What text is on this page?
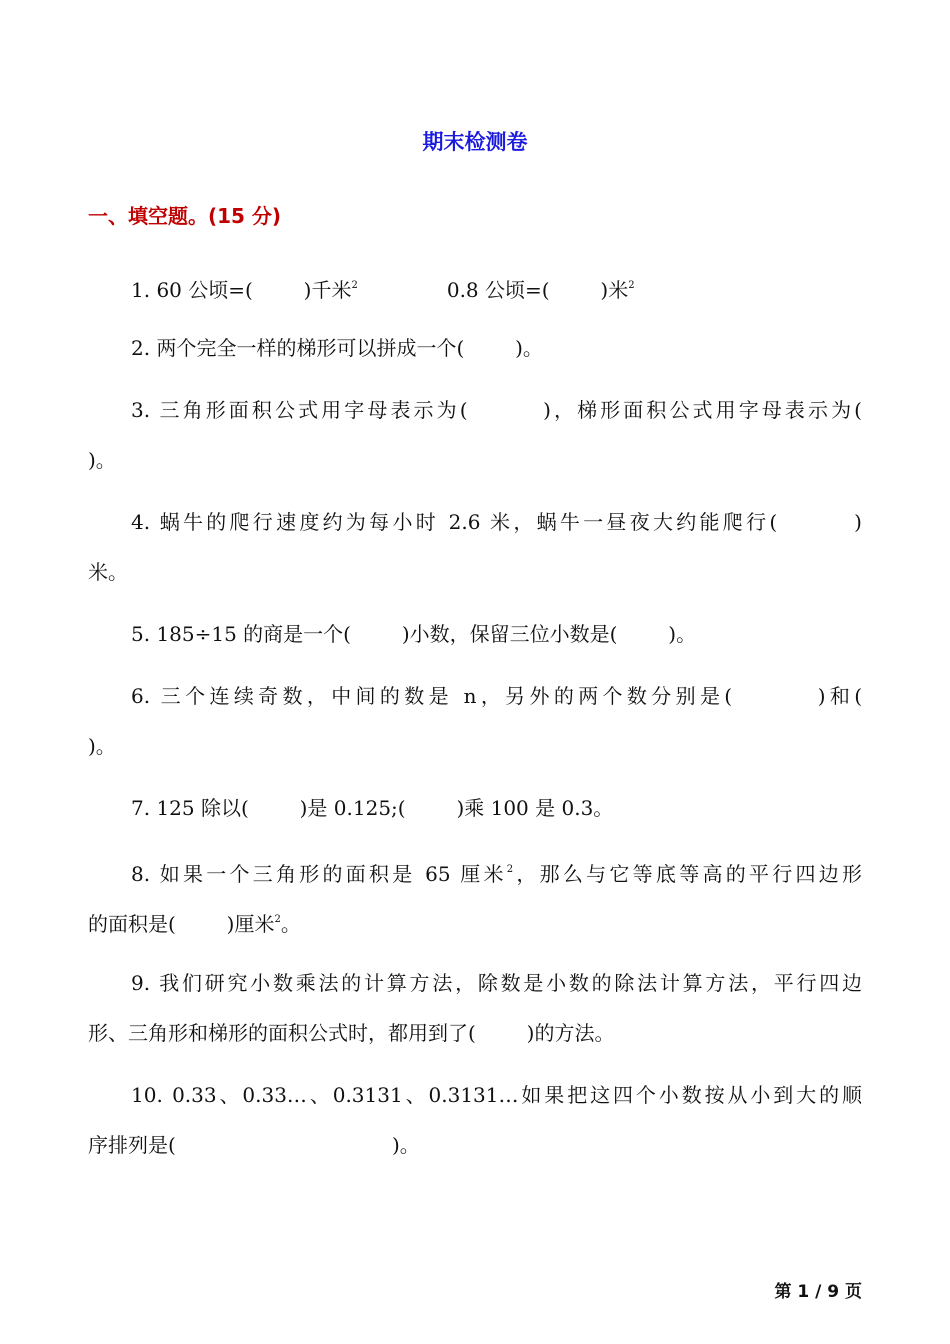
期末检测卷
一、填空题。(15 分)
1. 60 公顷=(        )千米$^2$              0.8 公顷=(        )米$^2$
2. 两个完全一样的梯形可以拼成一个(        )。
3. 三角形面积公式用字母表示为(        )，梯形面积公式用字母表示为(
)。
4. 蜗牛的爬行速度约为每小时 2.6 米，蜗牛一昼夜大约能爬行(        )
米。
5. 185÷15 的商是一个(        )小数，保留三位小数是(        )。
6. 三个连续奇数，中间的数是 n，另外的两个数分别是(        )和(
)。
7. 125 除以(        )是 0.125;(        )乘 100 是 0.3。
8. 如果一个三角形的面积是 65 厘米$^2$，那么与它等底等高的平行四边形
的面积是(        )厘米$^2$。
9. 我们研究小数乘法的计算方法，除数是小数的除法计算方法，平行四边
形、三角形和梯形的面积公式时，都用到了(        )的方法。
10. 0.33、0.33…、0.3131、0.3131…如果把这四个小数按从小到大的顺
序排列是(                                  )。
第 1 / 9 页
